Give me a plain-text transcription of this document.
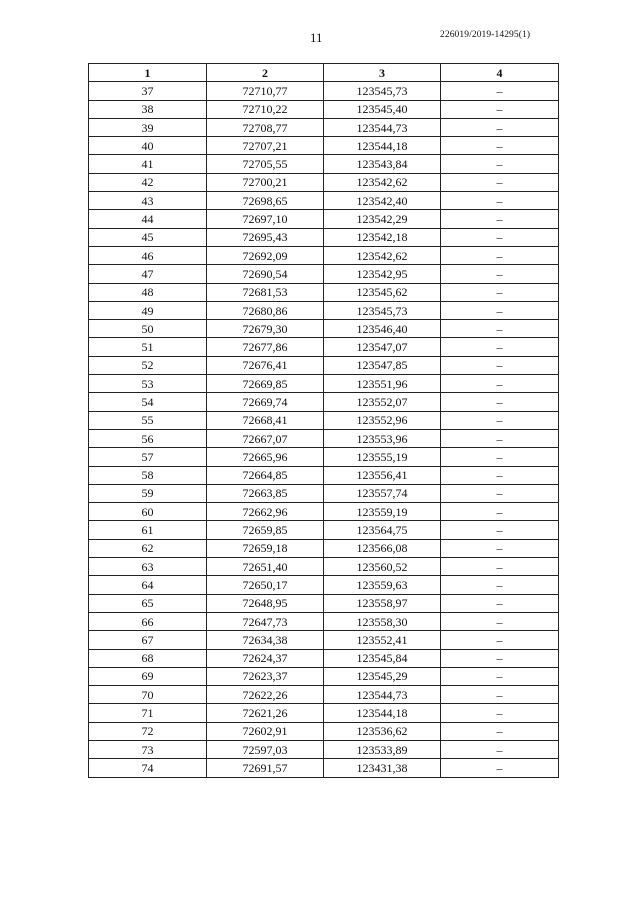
11	226019/2019-14295(1)
1	2	3	4
37	72710,77	123545,73	–
38	72710,22	123545,40	–
39	72708,77	123544,73	–
40	72707,21	123544,18	–
41	72705,55	123543,84	–
42	72700,21	123542,62	–
43	72698,65	123542,40	–
44	72697,10	123542,29	–
45	72695,43	123542,18	–
46	72692,09	123542,62	–
47	72690,54	123542,95	–
48	72681,53	123545,62	–
49	72680,86	123545,73	–
50	72679,30	123546,40	–
51	72677,86	123547,07	–
52	72676,41	123547,85	–
53	72669,85	123551,96	–
54	72669,74	123552,07	–
55	72668,41	123552,96	–
56	72667,07	123553,96	–
57	72665,96	123555,19	–
58	72664,85	123556,41	–
59	72663,85	123557,74	–
60	72662,96	123559,19	–
61	72659,85	123564,75	–
62	72659,18	123566,08	–
63	72651,40	123560,52	–
64	72650,17	123559,63	–
65	72648,95	123558,97	–
66	72647,73	123558,30	–
67	72634,38	123552,41	–
68	72624,37	123545,84	–
69	72623,37	123545,29	–
70	72622,26	123544,73	–
71	72621,26	123544,18	–
72	72602,91	123536,62	–
73	72597,03	123533,89	–
74	72691,57	123431,38	–
